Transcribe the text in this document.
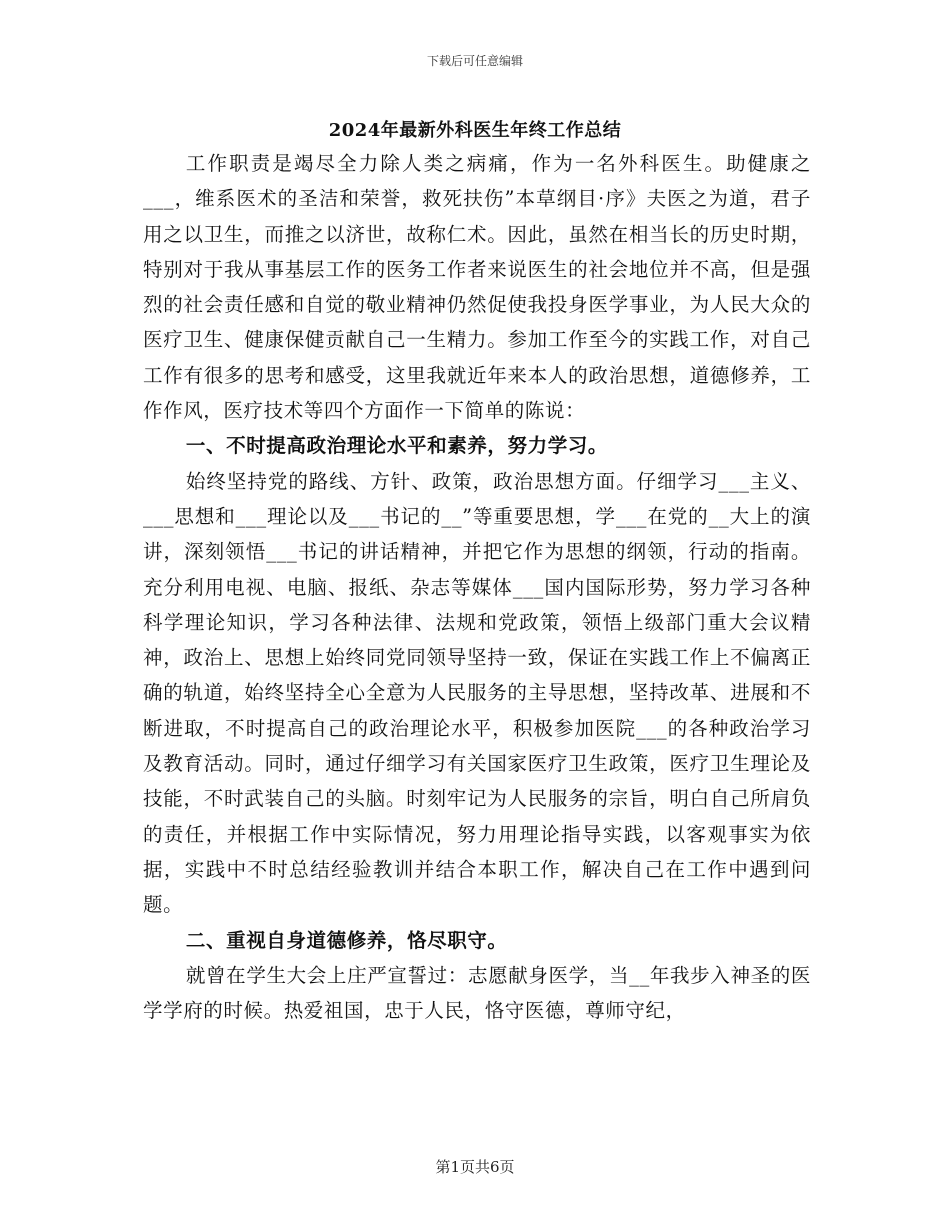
下载后可任意编辑
2024年最新外科医生年终工作总结

工作职责是竭尽全力除人类之病痛，作为一名外科医生。助健康之___，维系医术的圣洁和荣誉，救死扶伤”本草纲目·序》夫医之为道，君子用之以卫生，而推之以济世，故称仁术。因此，虽然在相当长的历史时期，特别对于我从事基层工作的医务工作者来说医生的社会地位并不高，但是强烈的社会责任感和自觉的敬业精神仍然促使我投身医学事业，为人民大众的医疗卫生、健康保健贡献自己一生精力。参加工作至今的实践工作，对自己工作有很多的思考和感受，这里我就近年来本人的政治思想，道德修养，工作作风，医疗技术等四个方面作一下简单的陈说：

一、不时提高政治理论水平和素养，努力学习。

始终坚持党的路线、方针、政策，政治思想方面。仔细学习___主义、___思想和___理论以及___书记的__”等重要思想，学___在党的__大上的演讲，深刻领悟___书记的讲话精神，并把它作为思想的纲领，行动的指南。充分利用电视、电脑、报纸、杂志等媒体___国内国际形势，努力学习各种科学理论知识，学习各种法律、法规和党政策，领悟上级部门重大会议精神，政治上、思想上始终同党同领导坚持一致，保证在实践工作上不偏离正确的轨道，始终坚持全心全意为人民服务的主导思想，坚持改革、进展和不断进取，不时提高自己的政治理论水平，积极参加医院___的各种政治学习及教育活动。同时，通过仔细学习有关国家医疗卫生政策，医疗卫生理论及技能，不时武装自己的头脑。时刻牢记为人民服务的宗旨，明白自己所肩负的责任，并根据工作中实际情况，努力用理论指导实践，以客观事实为依据，实践中不时总结经验教训并结合本职工作，解决自己在工作中遇到问题。

二、重视自身道德修养，恪尽职守。

就曾在学生大会上庄严宣誓过：志愿献身医学，当__年我步入神圣的医学学府的时候。热爱祖国，忠于人民，恪守医德，尊师守纪，

第1页共6页
